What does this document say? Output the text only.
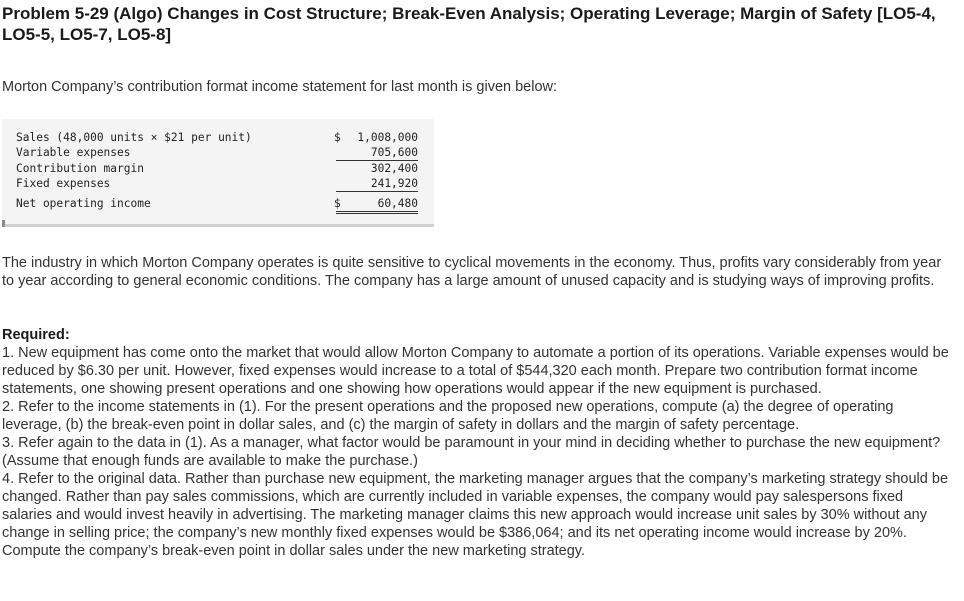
Problem 5-29 (Algo) Changes in Cost Structure; Break-Even Analysis; Operating Leverage; Margin of Safety [LO5-4, LO5-5, LO5-7, LO5-8]
Morton Company’s contribution format income statement for last month is given below:
Sales (48,000 units × $21 per unit)	$	1,008,000
Variable expenses	705,600
Contribution margin	302,400
Fixed expenses	241,920
Net operating income	$	60,480
The industry in which Morton Company operates is quite sensitive to cyclical movements in the economy. Thus, profits vary considerably from year to year according to general economic conditions. The company has a large amount of unused capacity and is studying ways of improving profits.
Required:
1. New equipment has come onto the market that would allow Morton Company to automate a portion of its operations. Variable expenses would be reduced by $6.30 per unit. However, fixed expenses would increase to a total of $544,320 each month. Prepare two contribution format income statements, one showing present operations and one showing how operations would appear if the new equipment is purchased.
2. Refer to the income statements in (1). For the present operations and the proposed new operations, compute (a) the degree of operating leverage, (b) the break-even point in dollar sales, and (c) the margin of safety in dollars and the margin of safety percentage.
3. Refer again to the data in (1). As a manager, what factor would be paramount in your mind in deciding whether to purchase the new equipment? (Assume that enough funds are available to make the purchase.)
4. Refer to the original data. Rather than purchase new equipment, the marketing manager argues that the company’s marketing strategy should be changed. Rather than pay sales commissions, which are currently included in variable expenses, the company would pay salespersons fixed salaries and would invest heavily in advertising. The marketing manager claims this new approach would increase unit sales by 30% without any change in selling price; the company’s new monthly fixed expenses would be $386,064; and its net operating income would increase by 20%. Compute the company’s break-even point in dollar sales under the new marketing strategy.
